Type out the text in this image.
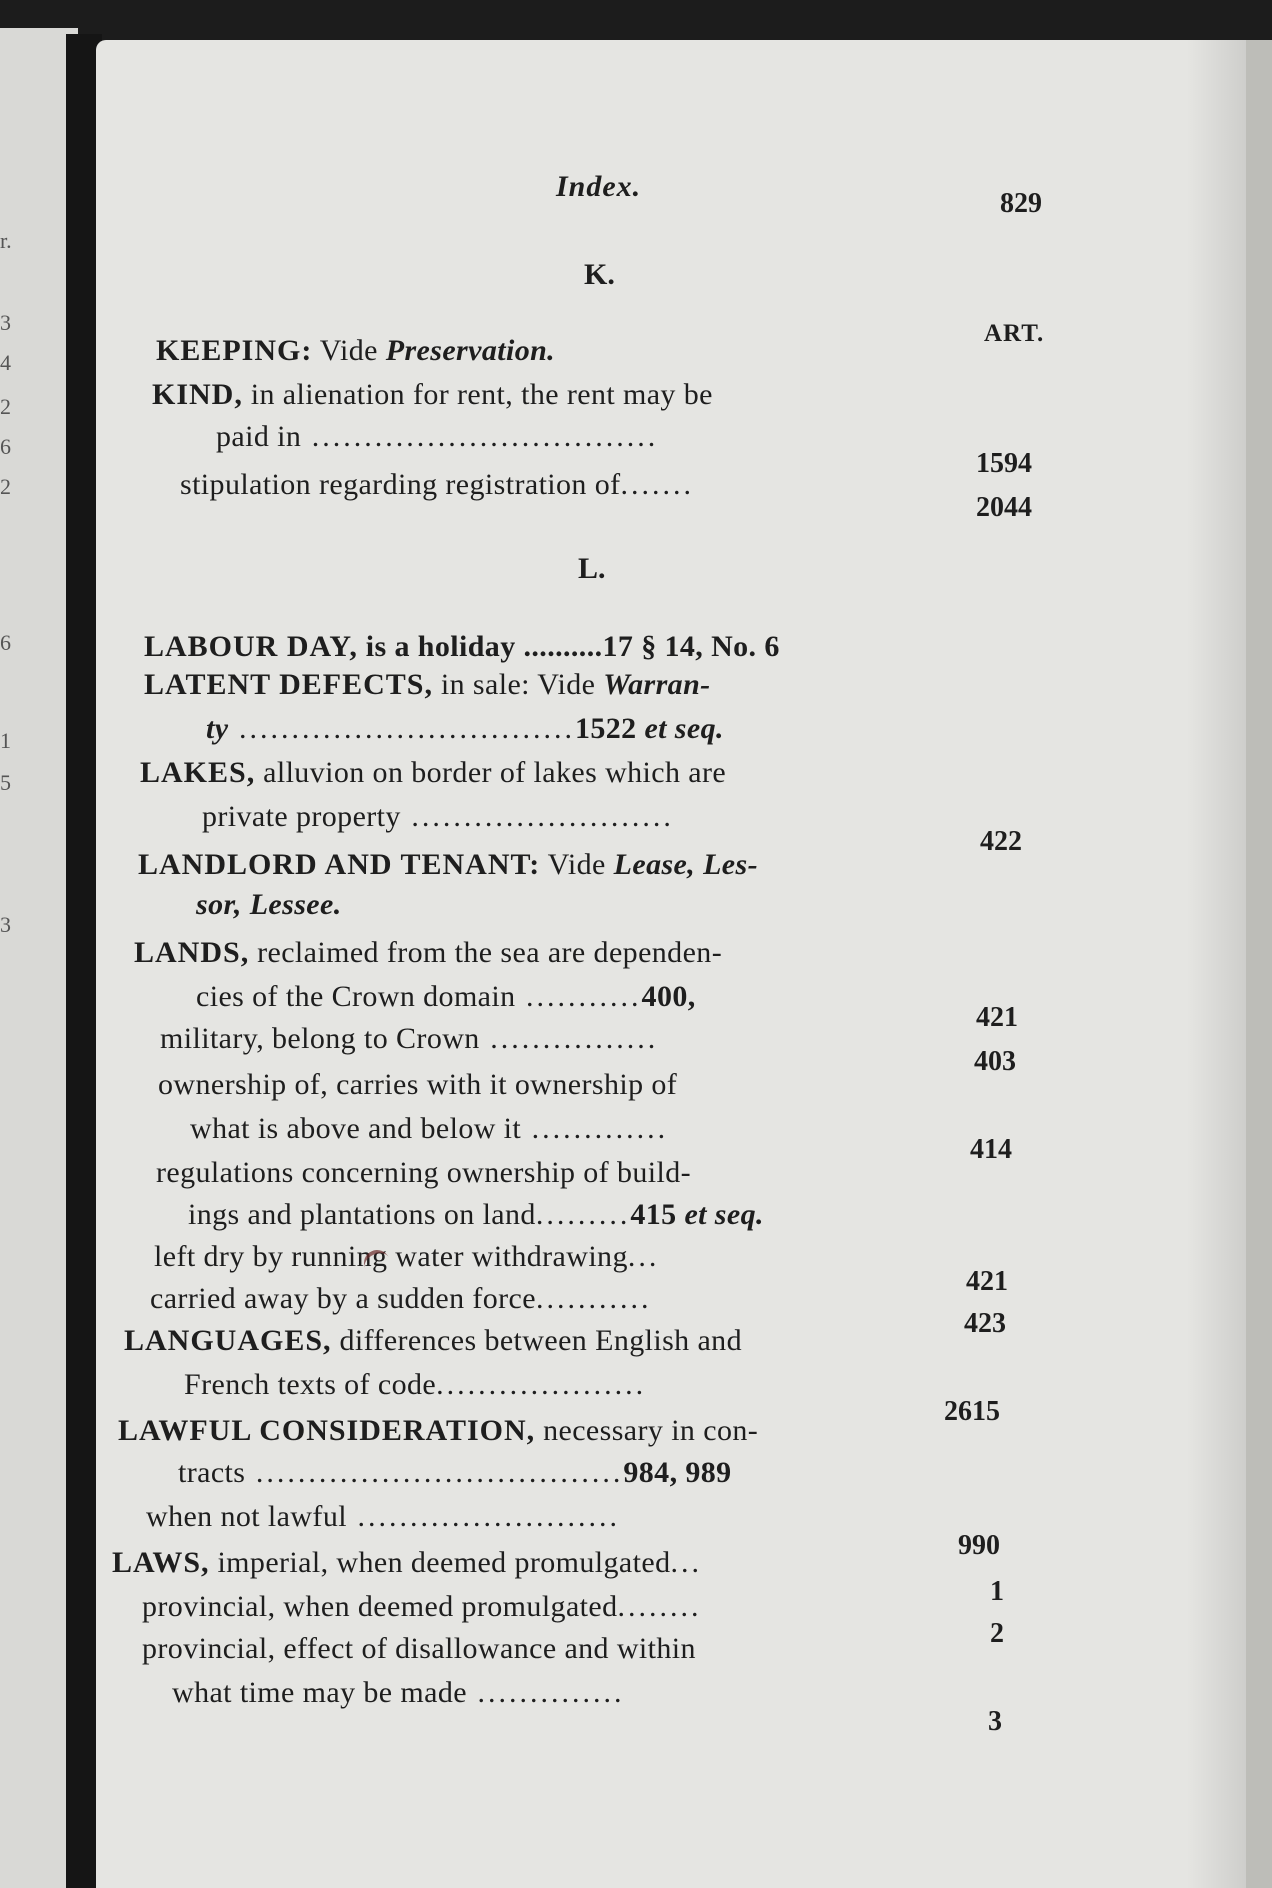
r.
3
4
2
6
2
6
1
5
3
Index.
829
K.
ART.
KEEPING: Vide Preservation.
KIND, in alienation for rent, the rent may be
paid in .................................
1594
stipulation regarding registration of.......
2044
L.
LABOUR DAY, is a holiday ..........17 § 14, No. 6
LATENT DEFECTS, in sale: Vide Warran-
ty ................................1522 et seq.
LAKES, alluvion on border of lakes which are
private property .........................
422
LANDLORD AND TENANT: Vide Lease, Les-
sor, Lessee.
LANDS, reclaimed from the sea are dependen-
cies of the Crown domain ...........400,
421
military, belong to Crown ................
403
ownership of, carries with it ownership of
what is above and below it .............
414
regulations concerning ownership of build-
ings and plantations on land.........415 et seq.
left dry by running water withdrawing...
421
carried away by a sudden force...........
423
LANGUAGES, differences between English and
French texts of code....................
2615
LAWFUL CONSIDERATION, necessary in con-
tracts ...................................984, 989
when not lawful .........................
990
LAWS, imperial, when deemed promulgated...
1
provincial, when deemed promulgated........
2
provincial, effect of disallowance and within
what time may be made ..............
3
